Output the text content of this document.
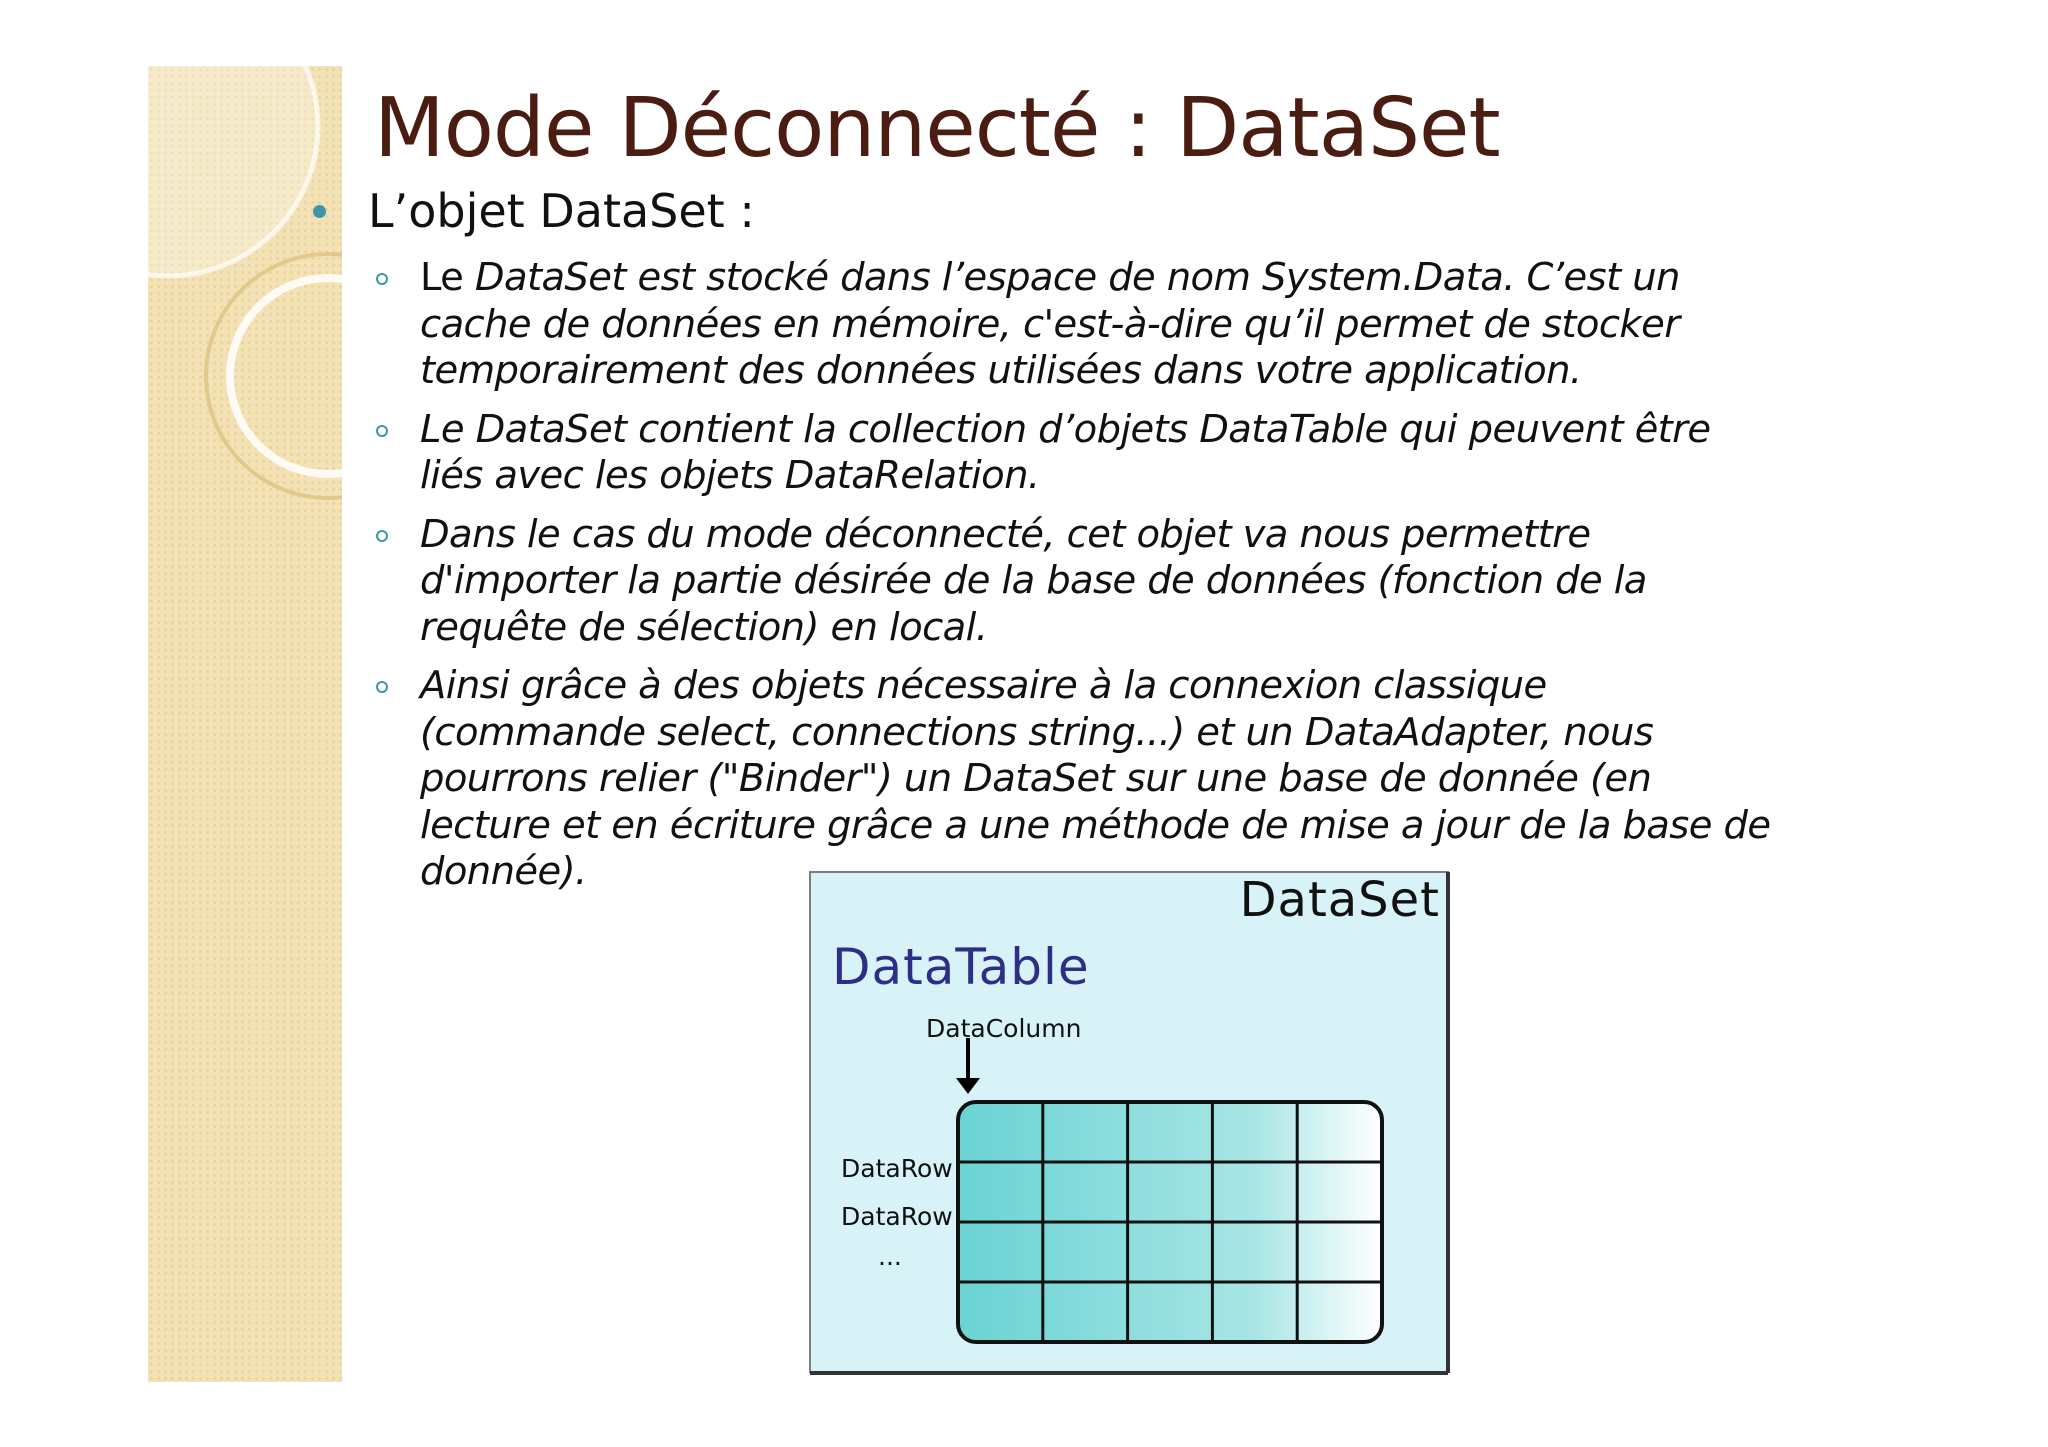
Mode Déconnecté : DataSet
L’objet DataSet :
Le DataSet est stocké dans l’espace de nom System.Data. C’est un cache de données en mémoire, c'est-à-dire qu’il permet de stocker temporairement des données utilisées dans votre application.
Le DataSet contient la collection d’objets DataTable qui peuvent être liés avec les objets DataRelation.
Dans le cas du mode déconnecté, cet objet va nous permettre d'importer la partie désirée de la base de données (fonction de la requête de sélection) en local.
Ainsi grâce à des objets nécessaire à la connexion classique (commande select, connections string...) et un DataAdapter, nous pourrons relier ("Binder") un DataSet sur une base de donnée (en lecture et en écriture grâce a une méthode de mise a jour de la base de donnée).
DataSet
DataTable
DataColumn
DataRow
DataRow
...
